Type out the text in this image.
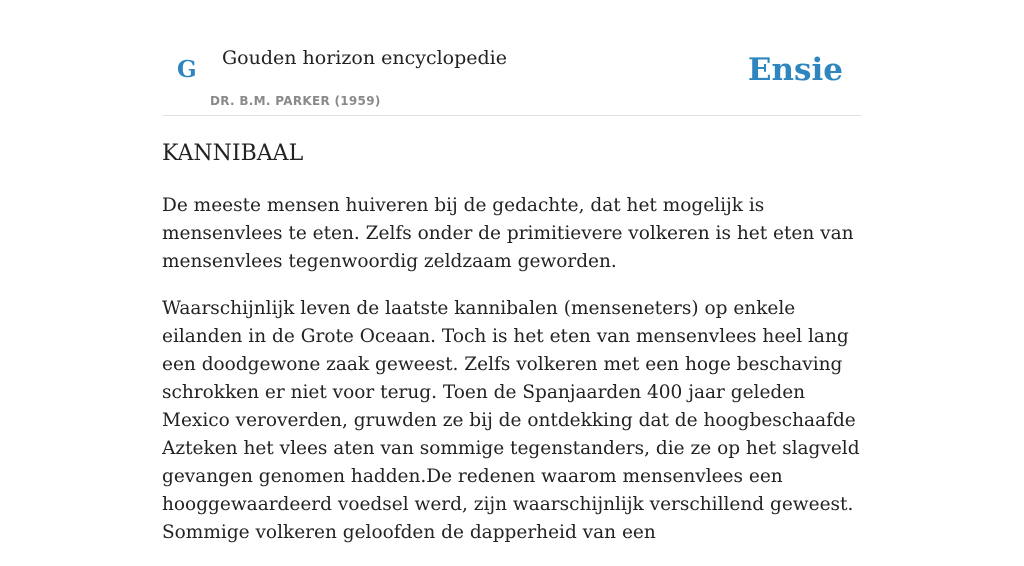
G Gouden horizon encyclopedie
DR. B.M. PARKER (1959)
Ensie
KANNIBAAL

De meeste mensen huiveren bij de gedachte, dat het mogelijk is mensenvlees te eten. Zelfs onder de primitievere volkeren is het eten van mensenvlees tegenwoordig zeldzaam geworden.

Waarschijnlijk leven de laatste kannibalen (menseneters) op enkele eilanden in de Grote Oceaan. Toch is het eten van mensenvlees heel lang een doodgewone zaak geweest. Zelfs volkeren met een hoge beschaving schrokken er niet voor terug. Toen de Spanjaarden 400 jaar geleden Mexico veroverden, gruwden ze bij de ontdekking dat de hoogbeschaafde Azteken het vlees aten van sommige tegenstanders, die ze op het slagveld gevangen genomen hadden.De redenen waarom mensenvlees een hooggewaardeerd voedsel werd, zijn waarschijnlijk verschillend geweest. Sommige volkeren geloofden de dapperheid van een
